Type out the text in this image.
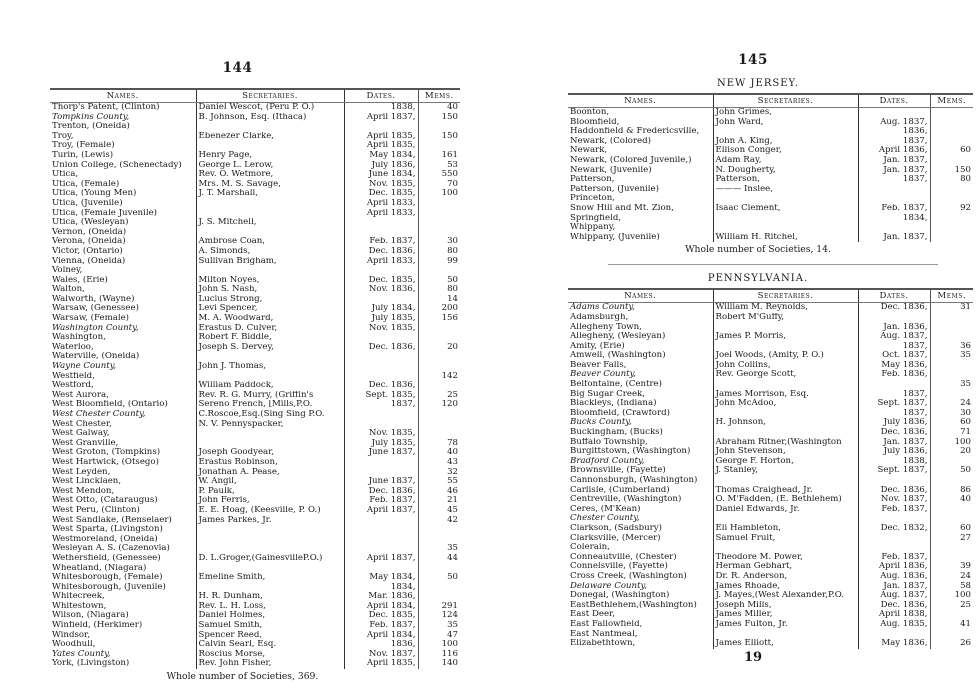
144
Names.	Secretaries.	Dates.	Mems.
Thorp's Patent, (Clinton)	Daniel Wescot, (Peru P. O.)	1838,	40
Tompkins County,	B. Johnson, Esq. (Ithaca)	April 1837,	150
Trenton, (Oneida)			
Troy,	Ebenezer Clarke,	April 1835,	150
Troy, (Female)		April 1835,	
Turin, (Lewis)	Henry Page,	May 1834,	161
Union College, (Schenectady)	George L. Lerow,	July 1836,	53
Utica,	Rev. O. Wetmore,	June 1834,	550
Utica, (Female)	Mrs. M. S. Savage,	Nov. 1835,	70
Utica, (Young Men)	J. T. Marshall,	Dec. 1835,	100
Utica, (Juvenile)		April 1833,	
Utica, (Female Juvenile)		April 1833,	
Utica, (Wesleyan)	J. S. Mitchell,		
Vernon, (Oneida)			
Verona, (Oneida)	Ambrose Coan,	Feb. 1837,	30
Victor, (Ontario)	A. Simonds,	Dec. 1836,	80
Vienna, (Oneida)	Sullivan Brigham,	April 1833,	99
Volney,			
Wales, (Erie)	Milton Noyes,	Dec. 1835,	50
Walton,	John S. Nash,	Nov. 1836,	80
Walworth, (Wayne)	Lucius Strong,		14
Warsaw, (Genessee)	Levi Spencer,	July 1834,	200
Warsaw, (Female)	M. A. Woodward,	July 1835,	156
Washington County,	Erastus D. Culver,	Nov. 1835,	
Washington,	Robert F. Biddle,		
Waterloo,	Joseph S. Dervey,	Dec. 1836,	20
Waterville, (Oneida)			
Wayne County,	John J. Thomas,		
Westfield,			142
Westford,	William Paddock,	Dec. 1836,	
West Aurora,	Rev. R. G. Murry, (Griffin's	Sept. 1835,	25
West Bloomfield, (Ontario)	Sereno French, [Mills,P.O.	1837,	120
West Chester County,	C.Roscoe,Esq.(Sing Sing P.O.		
West Chester,	N. V. Pennyspacker,		
West Galway,		Nov. 1835,	
West Granville,		July 1835,	78
West Groton, (Tompkins)	Joseph Goodyear,	June 1837,	40
West Hartwick, (Otsego)	Erastus Robinson,		43
West Leyden,	Jonathan A. Pease,		32
West Lincklaen,	W. Angil,	June 1837,	55
West Mendon,	P. Paulk,	Dec. 1836,	46
West Otto, (Cataraugus)	John Ferris,	Feb. 1837,	21
West Peru, (Clinton)	E. E. Hoag, (Keesville, P. O.)	April 1837,	45
West Sandlake, (Renselaer)	James Parkes, Jr.		42
West Sparta, (Livingston)			
Westmoreland, (Oneida)			
Wesleyan A. S. (Cazenovia)			35
Wethersfield, (Genessee)	D. L.Groger,(GainesvilleP.O.)	April 1837,	44
Wheatland, (Niagara)			
Whitesborough, (Female)	Emeline Smith,	May 1834,	50
Whitesborough, (Juvenile)		1834,	
Whitecreek,	H. R. Dunham,	Mar. 1836,	
Whitestown,	Rev. L. H. Loss,	April 1834,	291
Wilson, (Niagara)	Daniel Holmes,	Dec. 1835,	124
Winfield, (Herkimer)	Samuel Smith,	Feb. 1837,	35
Windsor,	Spencer Reed,	April 1834,	47
Woodhull,	Calvin Searl, Esq.	1836,	100
Yates County,	Roscius Morse,	Nov. 1837,	116
York, (Livingston)	Rev. John Fisher,	April 1835,	140
Whole number of Societies, 369.
145
NEW JERSEY.
Names.	Secretaries.	Dates.	Mems.
Boonton,	John Grimes,		
Bloomfield,	John Ward,	Aug. 1837,	
Haddonfield & Fredericsville,		1836,	
Newark, (Colored)	John A. King,	1837,	
Newark,	Ellison Conger,	April 1836,	60
Newark, (Colored Juvenile,)	Adam Ray,	Jan. 1837,	
Newark, (Juvenile)	N. Dougherty,	Jan. 1837,	150
Patterson,	Patterson,	1837,	80
Patterson, (Juvenile)	——— Inslee,		
Princeton,			
Snow Hill and Mt. Zion,	Isaac Clement,	Feb. 1837,	92
Springfield,		1834,	
Whippany,			
Whippany, (Juvenile)	William H. Ritchel,	Jan. 1837,	
Whole number of Societies, 14.
PENNSYLVANIA.
Names.	Secretaries.	Dates.	Mems.
Adams County,	William M. Reynolds,	Dec. 1836,	31
Adamsburgh,	Robert M'Guffy,		
Allegheny Town,		Jan. 1836,	
Allegheny, (Wesleyan)	James P. Morris,	Aug. 1837,	
Amity, (Erie)		1837,	36
Amwell, (Washington)	Joel Woods, (Amity, P. O.)	Oct. 1837,	35
Beaver Falls,	John Collins,	May 1836,	
Beaver County,	Rev. George Scott,	Feb. 1836,	
Belfontaine, (Centre)			35
Big Sugar Creek,	James Morrison, Esq.	1837,	
Blackleys, (Indiana)	John McAdoo,	Sept. 1837,	24
Bloomfield, (Crawford)		1837,	30
Bucks County,	H. Johnson,	July 1836,	60
Buckingham, (Bucks)		Dec. 1836,	71
Buffalo Township,	Abraham Ritner,(Washington	Jan. 1837,	100
Burgittstown, (Washington)	John Stevenson,	July 1836,	20
Bradford County,	George F. Horton,	1838,	
Brownsville, (Fayette)	J. Stanley,	Sept. 1837,	50
Cannonsburgh, (Washington)			
Carlisle, (Cumberland)	Thomas Craighead, Jr.	Dec. 1836,	86
Centreville, (Washington)	O. M'Fadden, (E. Bethlehem)	Nov. 1837,	40
Ceres, (M'Kean)	Daniel Edwards, Jr.	Feb. 1837,	
Chester County,			
Clarkson, (Sadsbury)	Eli Hambleton,	Dec. 1832,	60
Clarksville, (Mercer)	Samuel Fruit,		27
Colerain,			
Conneautville, (Chester)	Theodore M. Power,	Feb. 1837,	
Connelsville, (Fayette)	Herman Gebhart,	April 1836,	39
Cross Creek, (Washington)	Dr. R. Anderson,	Aug. 1836,	24
Delaware County,	James Rhoade,	Jan. 1837,	58
Donegal, (Washington)	J. Mayes,(West Alexander,P.O.	Aug. 1837,	100
EastBethlehem,(Washington)	Joseph Mills,	Dec. 1836,	25
East Deer,	James Miller,	April 1838,	
East Fallowfield,	James Fulton, Jr.	Aug. 1835,	41
East Nantmeal,			
Elizabethtown,	James Elliott,	May 1836,	26
19
